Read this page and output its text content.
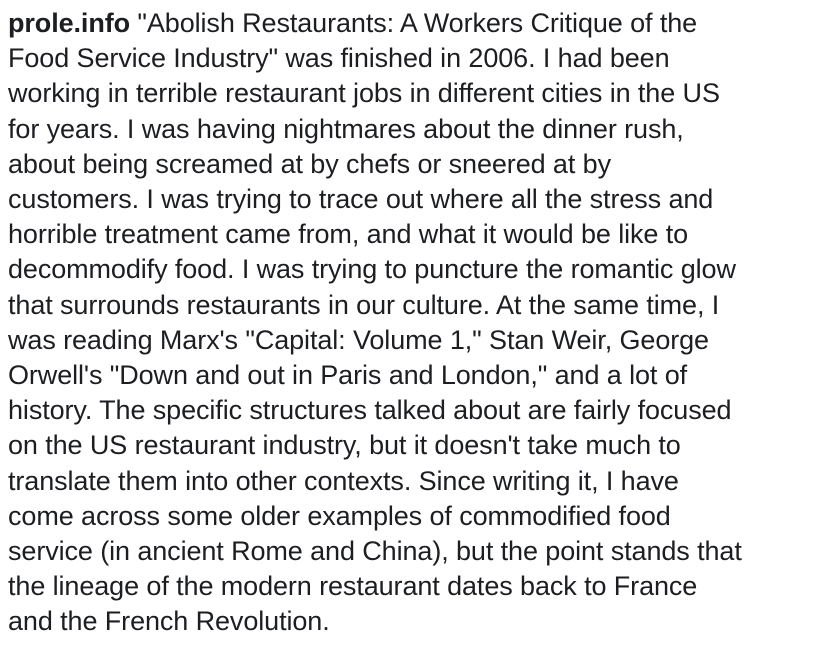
prole.info "Abolish Restaurants: A Workers Critique of the
Food Service Industry" was finished in 2006. I had been
working in terrible restaurant jobs in different cities in the US
for years. I was having nightmares about the dinner rush,
about being screamed at by chefs or sneered at by
customers. I was trying to trace out where all the stress and
horrible treatment came from, and what it would be like to
decommodify food. I was trying to puncture the romantic glow
that surrounds restaurants in our culture. At the same time, I
was reading Marx's "Capital: Volume 1," Stan Weir, George
Orwell's "Down and out in Paris and London," and a lot of
history. The specific structures talked about are fairly focused
on the US restaurant industry, but it doesn't take much to
translate them into other contexts. Since writing it, I have
come across some older examples of commodified food
service (in ancient Rome and China), but the point stands that
the lineage of the modern restaurant dates back to France
and the French Revolution.
